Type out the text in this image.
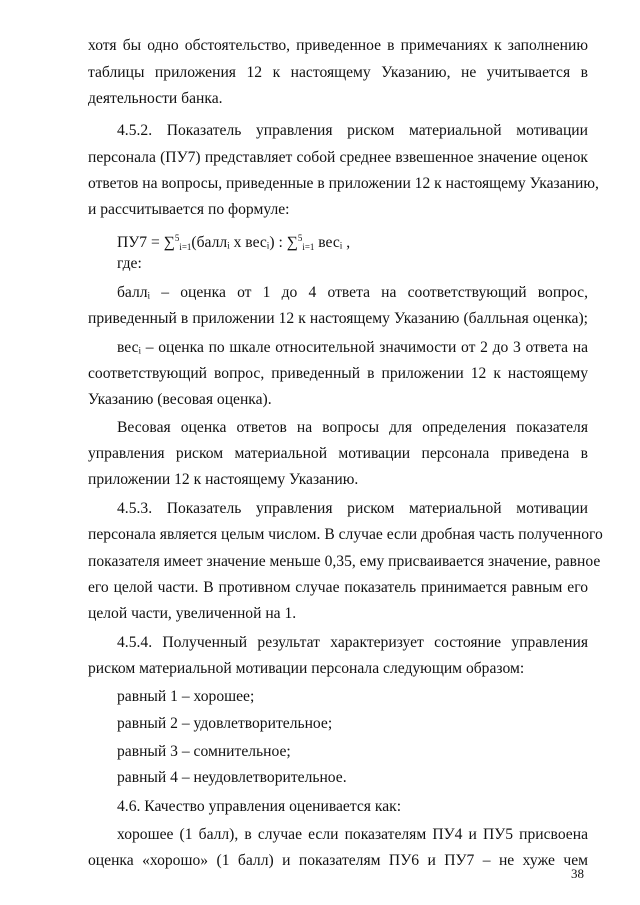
хотя бы одно обстоятельство, приведенное в примечаниях к заполнению
таблицы приложения 12 к настоящему Указанию, не учитывается в
деятельности банка.
4.5.2. Показатель управления риском материальной мотивации
персонала (ПУ7) представляет собой среднее взвешенное значение оценок
ответов на вопросы, приведенные в приложении 12 к настоящему Указанию,
и рассчитывается по формуле:
ПУ7 = ∑$^5_{i=1}$(баллᵢ х весᵢ) : ∑$^5_{i=1}$ весᵢ ,
где:
баллᵢ – оценка от 1 до 4 ответа на соответствующий вопрос,
приведенный в приложении 12 к настоящему Указанию (балльная оценка);
весᵢ – оценка по шкале относительной значимости от 2 до 3 ответа на
соответствующий вопрос, приведенный в приложении 12 к настоящему
Указанию (весовая оценка).
Весовая оценка ответов на вопросы для определения показателя
управления риском материальной мотивации персонала приведена в
приложении 12 к настоящему Указанию.
4.5.3. Показатель управления риском материальной мотивации
персонала является целым числом. В случае если дробная часть полученного
показателя имеет значение меньше 0,35, ему присваивается значение, равное
его целой части. В противном случае показатель принимается равным его
целой части, увеличенной на 1.
4.5.4. Полученный результат характеризует состояние управления
риском материальной мотивации персонала следующим образом:
равный 1 – хорошее;
равный 2 – удовлетворительное;
равный 3 – сомнительное;
равный 4 – неудовлетворительное.
4.6. Качество управления оценивается как:
хорошее (1 балл), в случае если показателям ПУ4 и ПУ5 присвоена
оценка «хорошо» (1 балл) и показателям ПУ6 и ПУ7 – не хуже чем
38
